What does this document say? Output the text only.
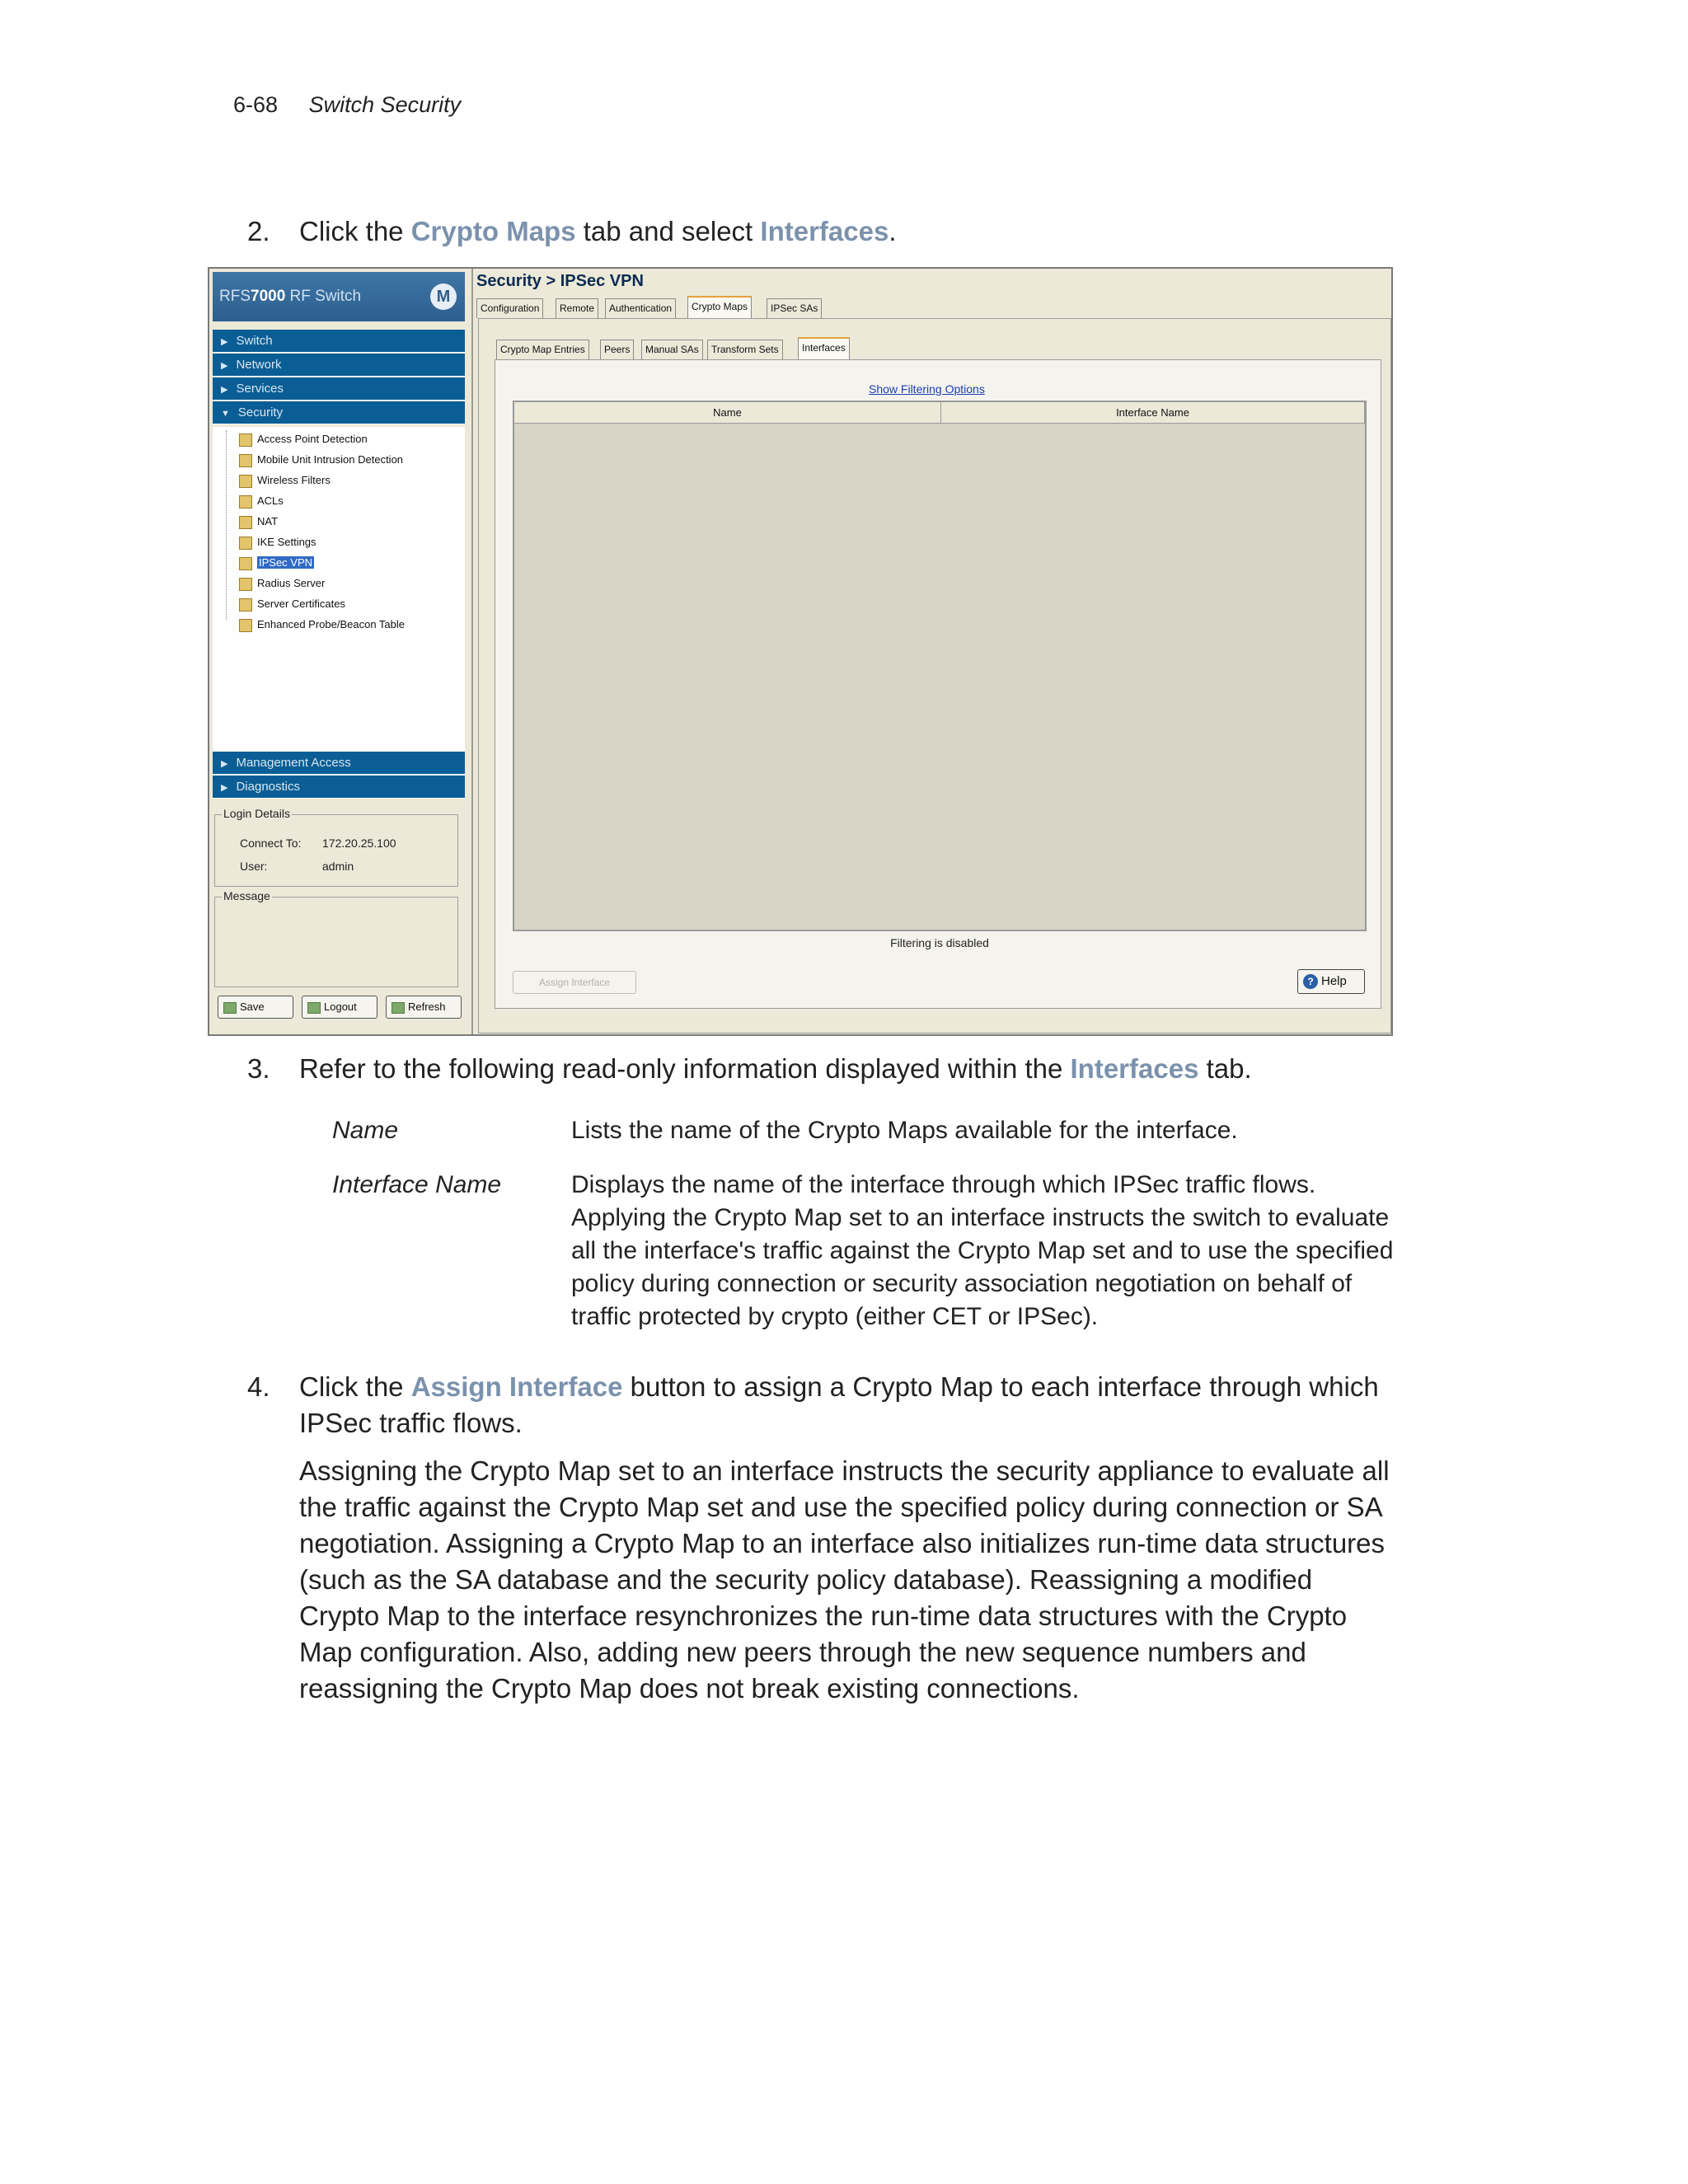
6-68 Switch Security
2. Click the Crypto Maps tab and select Interfaces.
RFS7000 RF Switch	M
▶ Switch
▶ Network
▶ Services
▼ Security
Access Point Detection
Mobile Unit Intrusion Detection
Wireless Filters
ACLs
NAT
IKE Settings
IPSec VPN
Radius Server
Server Certificates
Enhanced Probe/Beacon Table
▶ Management Access
▶ Diagnostics
Login Details
Connect To: 172.20.25.100
User:	admin
Message
Save	Logout	Refresh
Security > IPSec VPN
Configuration	Remote	Authentication	Crypto Maps	IPSec SAs
Crypto Map Entries	Peers	Manual SAs	Transform Sets	Interfaces
Show Filtering Options
Name	Interface Name
Filtering is disabled
Assign Interface	? Help
3. Refer to the following read-only information displayed within the Interfaces tab.
Name	Lists the name of the Crypto Maps available for the interface.
Interface Name	Displays the name of the interface through which IPSec traffic flows. Applying the Crypto Map set to an interface instructs the switch to evaluate all the interface's traffic against the Crypto Map set and to use the specified policy during connection or security association negotiation on behalf of traffic protected by crypto (either CET or IPSec).
4.	Click the Assign Interface button to assign a Crypto Map to each interface through which IPSec traffic flows.
Assigning the Crypto Map set to an interface instructs the security appliance to evaluate all the traffic against the Crypto Map set and use the specified policy during connection or SA negotiation. Assigning a Crypto Map to an interface also initializes run-time data structures (such as the SA database and the security policy database). Reassigning a modified Crypto Map to the interface resynchronizes the run-time data structures with the Crypto Map configuration. Also, adding new peers through the new sequence numbers and reassigning the Crypto Map does not break existing connections.
